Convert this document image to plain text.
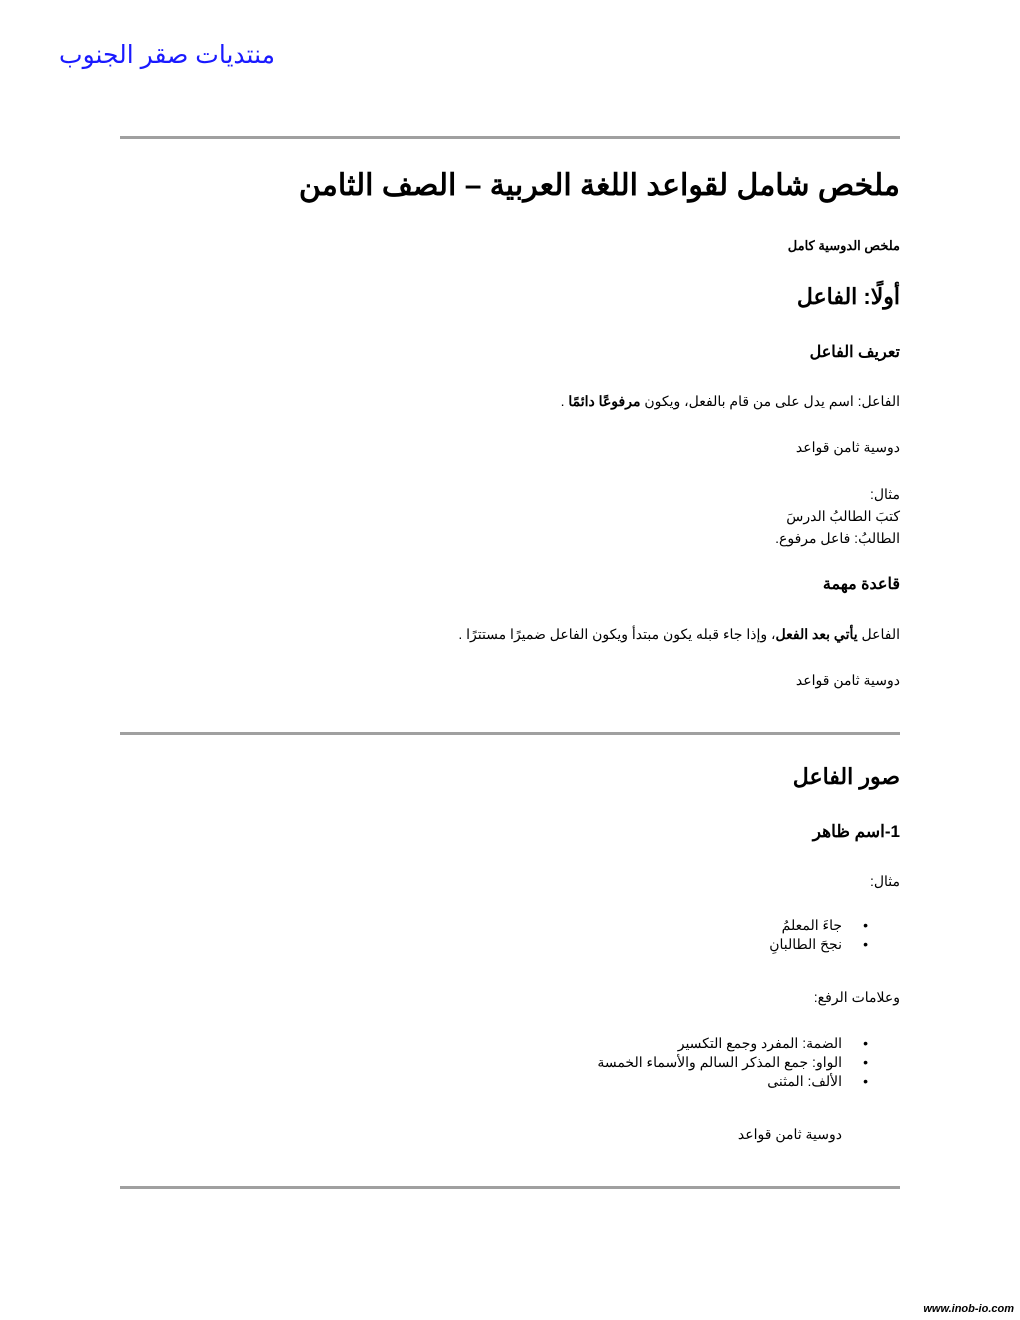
منتديات صقر الجنوب
ملخص شامل لقواعد اللغة العربية – الصف الثامن
ملخص الدوسية كامل
أولًا: الفاعل
تعريف الفاعل
الفاعل: اسم يدل على من قام بالفعل، ويكون مرفوعًا دائمًا .
دوسية ثامن قواعد
مثال:
كتبَ الطالبُ الدرسَ
الطالبُ: فاعل مرفوع.
قاعدة مهمة
الفاعل يأتي بعد الفعل، وإذا جاء قبله يكون مبتدأ ويكون الفاعل ضميرًا مستترًا .
دوسية ثامن قواعد
صور الفاعل
1-اسم ظاهر
مثال:
• جاءَ المعلمُ
• نجحَ الطالبانِ
وعلامات الرفع:
• الضمة: المفرد وجمع التكسير
• الواو: جمع المذكر السالم والأسماء الخمسة
• الألف: المثنى
دوسية ثامن قواعد
www.inob-io.com
